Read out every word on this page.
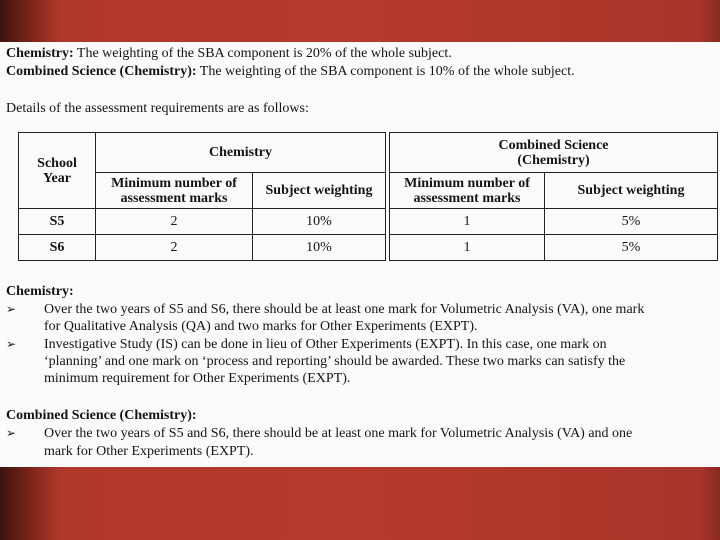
Chemistry: The weighting of the SBA component is 20% of the whole subject.
Combined Science (Chemistry): The weighting of the SBA component is 10% of the whole subject.
Details of the assessment requirements are as follows:
School Year	Chemistry			Combined Science
(Chemistry)	

	Minimum number of assessment marks	Subject weighting		Minimum number of assessment marks	Subject weighting
S5	2	10%		1	5%
S6	2	10%		1	5%
Chemistry:
➢ Over the two years of S5 and S6, there should be at least one mark for Volumetric Analysis (VA), one mark
for Qualitative Analysis (QA) and two marks for Other Experiments (EXPT).
➢ Investigative Study (IS) can be done in lieu of Other Experiments (EXPT). In this case, one mark on
‘planning’ and one mark on ‘process and reporting’ should be awarded. These two marks can satisfy the
minimum requirement for Other Experiments (EXPT).
Combined Science (Chemistry):
➢ Over the two years of S5 and S6, there should be at least one mark for Volumetric Analysis (VA) and one
mark for Other Experiments (EXPT).
